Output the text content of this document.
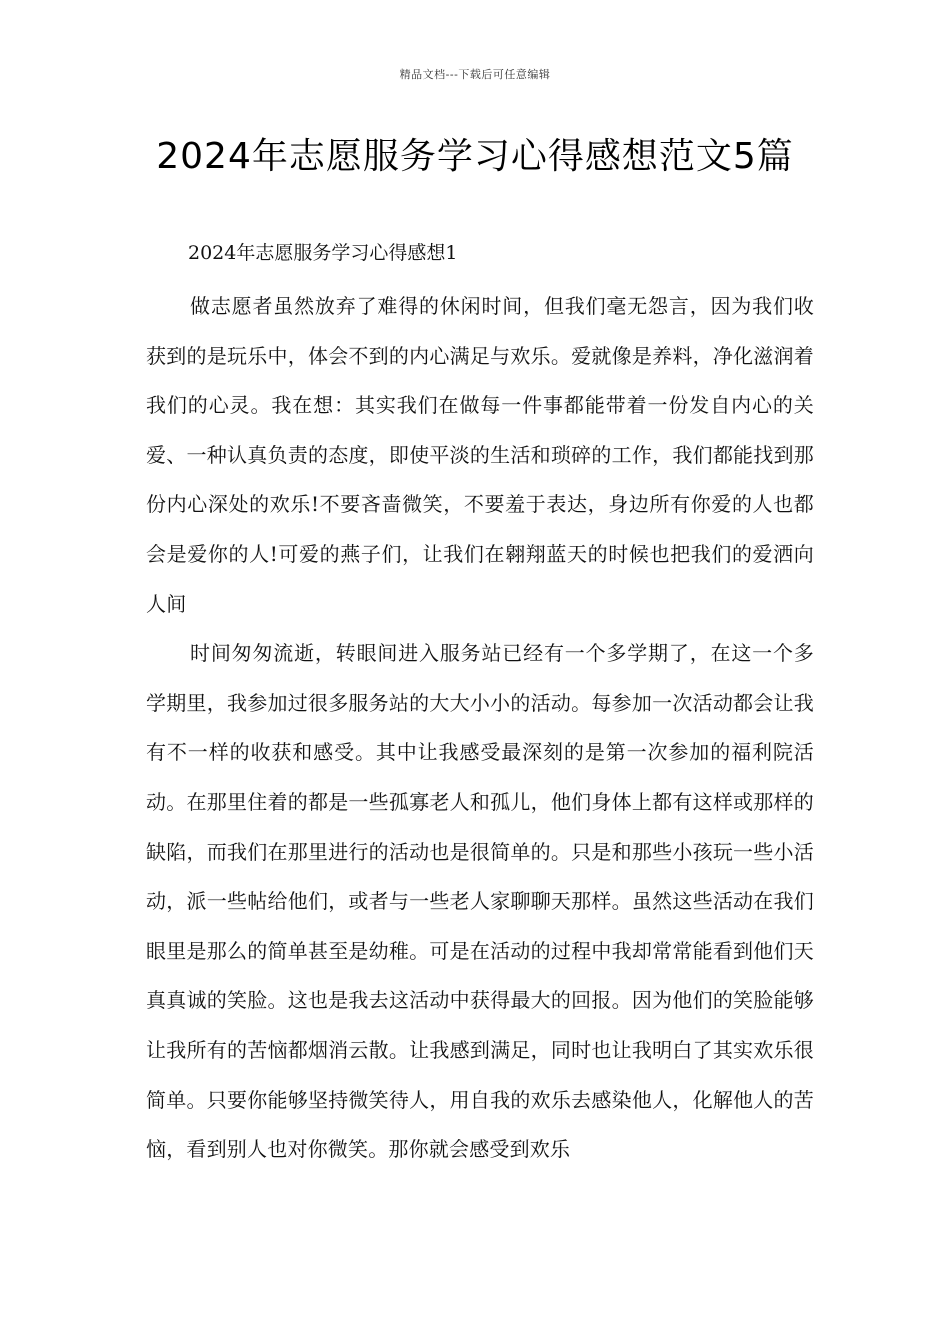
精品文档---下载后可任意编辑
2024年志愿服务学习心得感想范文5篇
2024年志愿服务学习心得感想1

做志愿者虽然放弃了难得的休闲时间，但我们毫无怨言，因为我们收获到的是玩乐中，体会不到的内心满足与欢乐。爱就像是养料，净化滋润着我们的心灵。我在想：其实我们在做每一件事都能带着一份发自内心的关爱、一种认真负责的态度，即使平淡的生活和琐碎的工作，我们都能找到那份内心深处的欢乐!不要吝啬微笑，不要羞于表达，身边所有你爱的人也都会是爱你的人!可爱的燕子们，让我们在翱翔蓝天的时候也把我们的爱洒向人间

时间匆匆流逝，转眼间进入服务站已经有一个多学期了，在这一个多学期里，我参加过很多服务站的大大小小的活动。每参加一次活动都会让我有不一样的收获和感受。其中让我感受最深刻的是第一次参加的福利院活动。在那里住着的都是一些孤寡老人和孤儿，他们身体上都有这样或那样的缺陷，而我们在那里进行的活动也是很简单的。只是和那些小孩玩一些小活动，派一些帖给他们，或者与一些老人家聊聊天那样。虽然这些活动在我们眼里是那么的简单甚至是幼稚。可是在活动的过程中我却常常能看到他们天真真诚的笑脸。这也是我去这活动中获得最大的回报。因为他们的笑脸能够让我所有的苦恼都烟消云散。让我感到满足，同时也让我明白了其实欢乐很简单。只要你能够坚持微笑待人，用自我的欢乐去感染他人，化解他人的苦恼，看到别人也对你微笑。那你就会感受到欢乐
